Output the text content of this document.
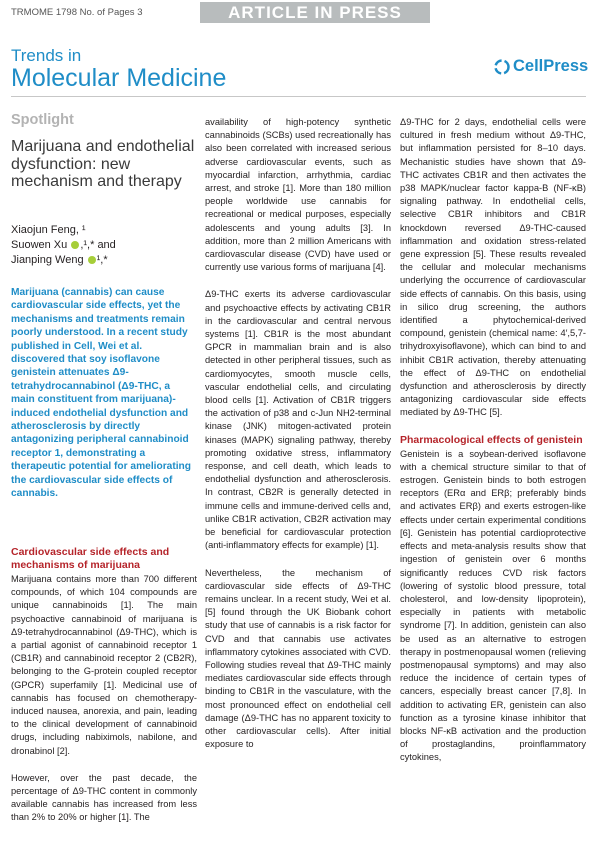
TRMOME 1798 No. of Pages 3	ARTICLE IN PRESS
Trends in
Molecular Medicine	CellPress
Spotlight
Marijuana and endothelial dysfunction: new mechanism and therapy
Xiaojun Feng, ¹
Suowen Xu ,¹,* and
Jianping Weng ¹,*

Marijuana (cannabis) can cause cardiovascular side effects, yet the mechanisms and treatments remain poorly understood. In a recent study published in Cell, Wei et al. discovered that soy isoflavone genistein attenuates Δ9-tetrahydrocannabinol (Δ9-THC, a main constituent from marijuana)-induced endothelial dysfunction and atherosclerosis by directly antagonizing peripheral cannabinoid receptor 1, demonstrating a therapeutic potential for ameliorating the cardiovascular side effects of cannabis.

Cardiovascular side effects and mechanisms of marijuana

Marijuana contains more than 700 different compounds, of which 104 compounds are unique cannabinoids [1]. The main psychoactive cannabinoid of marijuana is Δ9-tetrahydrocannabinol (Δ9-THC), which is a partial agonist of cannabinoid receptor 1 (CB1R) and cannabinoid receptor 2 (CB2R), belonging to the G-protein coupled receptor (GPCR) superfamily [1]. Medicinal use of cannabis has focused on chemotherapy-induced nausea, anorexia, and pain, leading to the clinical development of cannabinoid drugs, including nabiximols, nabilone, and dronabinol [2].

However, over the past decade, the percentage of Δ9-THC content in commonly available cannabis has increased from less than 2% to 20% or higher [1]. The

availability of high-potency synthetic cannabinoids (SCBs) used recreationally has also been correlated with increased serious adverse cardiovascular events, such as myocardial infarction, arrhythmia, cardiac arrest, and stroke [1]. More than 180 million people worldwide use cannabis for recreational or medical purposes, especially adolescents and young adults [3]. In addition, more than 2 million Americans with cardiovascular disease (CVD) have used or currently use various forms of marijuana [4].

Δ9-THC exerts its adverse cardiovascular and psychoactive effects by activating CB1R in the cardiovascular and central nervous systems [1]. CB1R is the most abundant GPCR in mammalian brain and is also detected in other peripheral tissues, such as cardiomyocytes, smooth muscle cells, vascular endothelial cells, and circulating blood cells [1]. Activation of CB1R triggers the activation of p38 and c-Jun NH2-terminal kinase (JNK) mitogen-activated protein kinases (MAPK) signaling pathway, thereby promoting oxidative stress, inflammatory response, and cell death, which leads to endothelial dysfunction and atherosclerosis. In contrast, CB2R is generally detected in immune cells and immune-derived cells and, unlike CB1R activation, CB2R activation may be beneficial for cardiovascular protection (anti-inflammatory effects for example) [1].

Nevertheless, the mechanism of cardiovascular side effects of Δ9-THC remains unclear. In a recent study, Wei et al. [5] found through the UK Biobank cohort study that use of cannabis is a risk factor for CVD and that cannabis use activates inflammatory cytokines associated with CVD. Following studies reveal that Δ9-THC mainly mediates cardiovascular side effects through binding to CB1R in the vasculature, with the most pronounced effect on endothelial cell damage (Δ9-THC has no apparent toxicity to other cardiovascular cells). After initial exposure to

Δ9-THC for 2 days, endothelial cells were cultured in fresh medium without Δ9-THC, but inflammation persisted for 8–10 days. Mechanistic studies have shown that Δ9-THC activates CB1R and then activates the p38 MAPK/nuclear factor kappa-B (NF-κB) signaling pathway. In endothelial cells, selective CB1R inhibitors and CB1R knockdown reversed Δ9-THC-caused inflammation and oxidation stress-related gene expression [5]. These results revealed the cellular and molecular mechanisms underlying the occurrence of cardiovascular side effects of cannabis. On this basis, using in silico drug screening, the authors identified a phytochemical-derived compound, genistein (chemical name: 4′,5,7-trihydroxyisoflavone), which can bind to and inhibit CB1R activation, thereby attenuating the effect of Δ9-THC on endothelial dysfunction and atherosclerosis by directly antagonizing cardiovascular side effects mediated by Δ9-THC [5].

Pharmacological effects of genistein

Genistein is a soybean-derived isoflavone with a chemical structure similar to that of estrogen. Genistein binds to both estrogen receptors (ERα and ERβ; preferably binds and activates ERβ) and exerts estrogen-like effects under certain experimental conditions [6]. Genistein has potential cardioprotective effects and meta-analysis results show that ingestion of genistein over 6 months significantly reduces CVD risk factors (lowering of systolic blood pressure, total cholesterol, and low-density lipoprotein), especially in patients with metabolic syndrome [7]. In addition, genistein can also be used as an alternative to estrogen therapy in postmenopausal women (relieving postmenopausal symptoms) and may also reduce the incidence of certain types of cancers, especially breast cancer [7,8]. In addition to activating ER, genistein can also function as a tyrosine kinase inhibitor that blocks NF-κB activation and the production of prostaglandins, proinflammatory cytokines,
